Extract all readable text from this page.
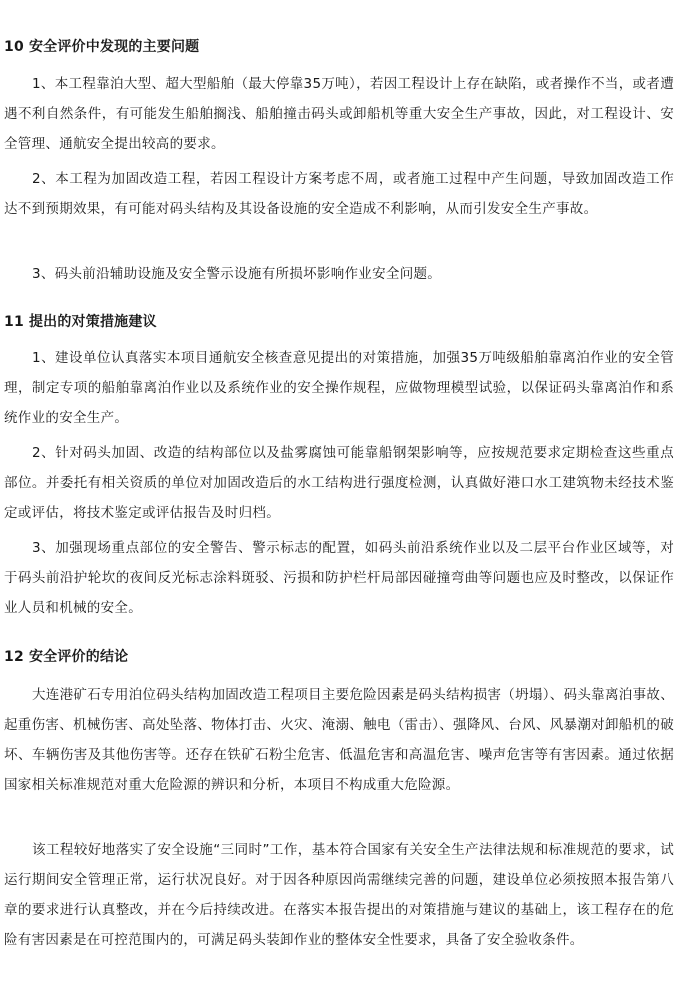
10 安全评价中发现的主要问题
1、本工程靠泊大型、超大型船舶（最大停靠35万吨），若因工程设计上存在缺陷，或者操作不当，或者遭遇不利自然条件，有可能发生船舶搁浅、船舶撞击码头或卸船机等重大安全生产事故，因此，对工程设计、安全管理、通航安全提出较高的要求。
2、本工程为加固改造工程，若因工程设计方案考虑不周，或者施工过程中产生问题，导致加固改造工作达不到预期效果，有可能对码头结构及其设备设施的安全造成不利影响，从而引发安全生产事故。
3、码头前沿辅助设施及安全警示设施有所损坏影响作业安全问题。
11 提出的对策措施建议
1、建设单位认真落实本项目通航安全核查意见提出的对策措施，加强35万吨级船舶靠离泊作业的安全管理，制定专项的船舶靠离泊作业以及系统作业的安全操作规程，应做物理模型试验，以保证码头靠离泊作和系统作业的安全生产。
2、针对码头加固、改造的结构部位以及盐雾腐蚀可能靠船钢架影响等，应按规范要求定期检查这些重点部位。并委托有相关资质的单位对加固改造后的水工结构进行强度检测，认真做好港口水工建筑物未经技术鉴定或评估，将技术鉴定或评估报告及时归档。
3、加强现场重点部位的安全警告、警示标志的配置，如码头前沿系统作业以及二层平台作业区域等，对于码头前沿护轮坎的夜间反光标志涂料斑驳、污损和防护栏杆局部因碰撞弯曲等问题也应及时整改，以保证作业人员和机械的安全。
12 安全评价的结论
大连港矿石专用泊位码头结构加固改造工程项目主要危险因素是码头结构损害（坍塌）、码头靠离泊事故、起重伤害、机械伤害、高处坠落、物体打击、火灾、淹溺、触电（雷击）、强降风、台风、风暴潮对卸船机的破坏、车辆伤害及其他伤害等。还存在铁矿石粉尘危害、低温危害和高温危害、噪声危害等有害因素。通过依据国家相关标准规范对重大危险源的辨识和分析，本项目不构成重大危险源。
该工程较好地落实了安全设施“三同时”工作，基本符合国家有关安全生产法律法规和标准规范的要求，试运行期间安全管理正常，运行状况良好。对于因各种原因尚需继续完善的问题，建设单位必须按照本报告第八章的要求进行认真整改，并在今后持续改进。在落实本报告提出的对策措施与建议的基础上，该工程存在的危险有害因素是在可控范围内的，可满足码头装卸作业的整体安全性要求，具备了安全验收条件。
